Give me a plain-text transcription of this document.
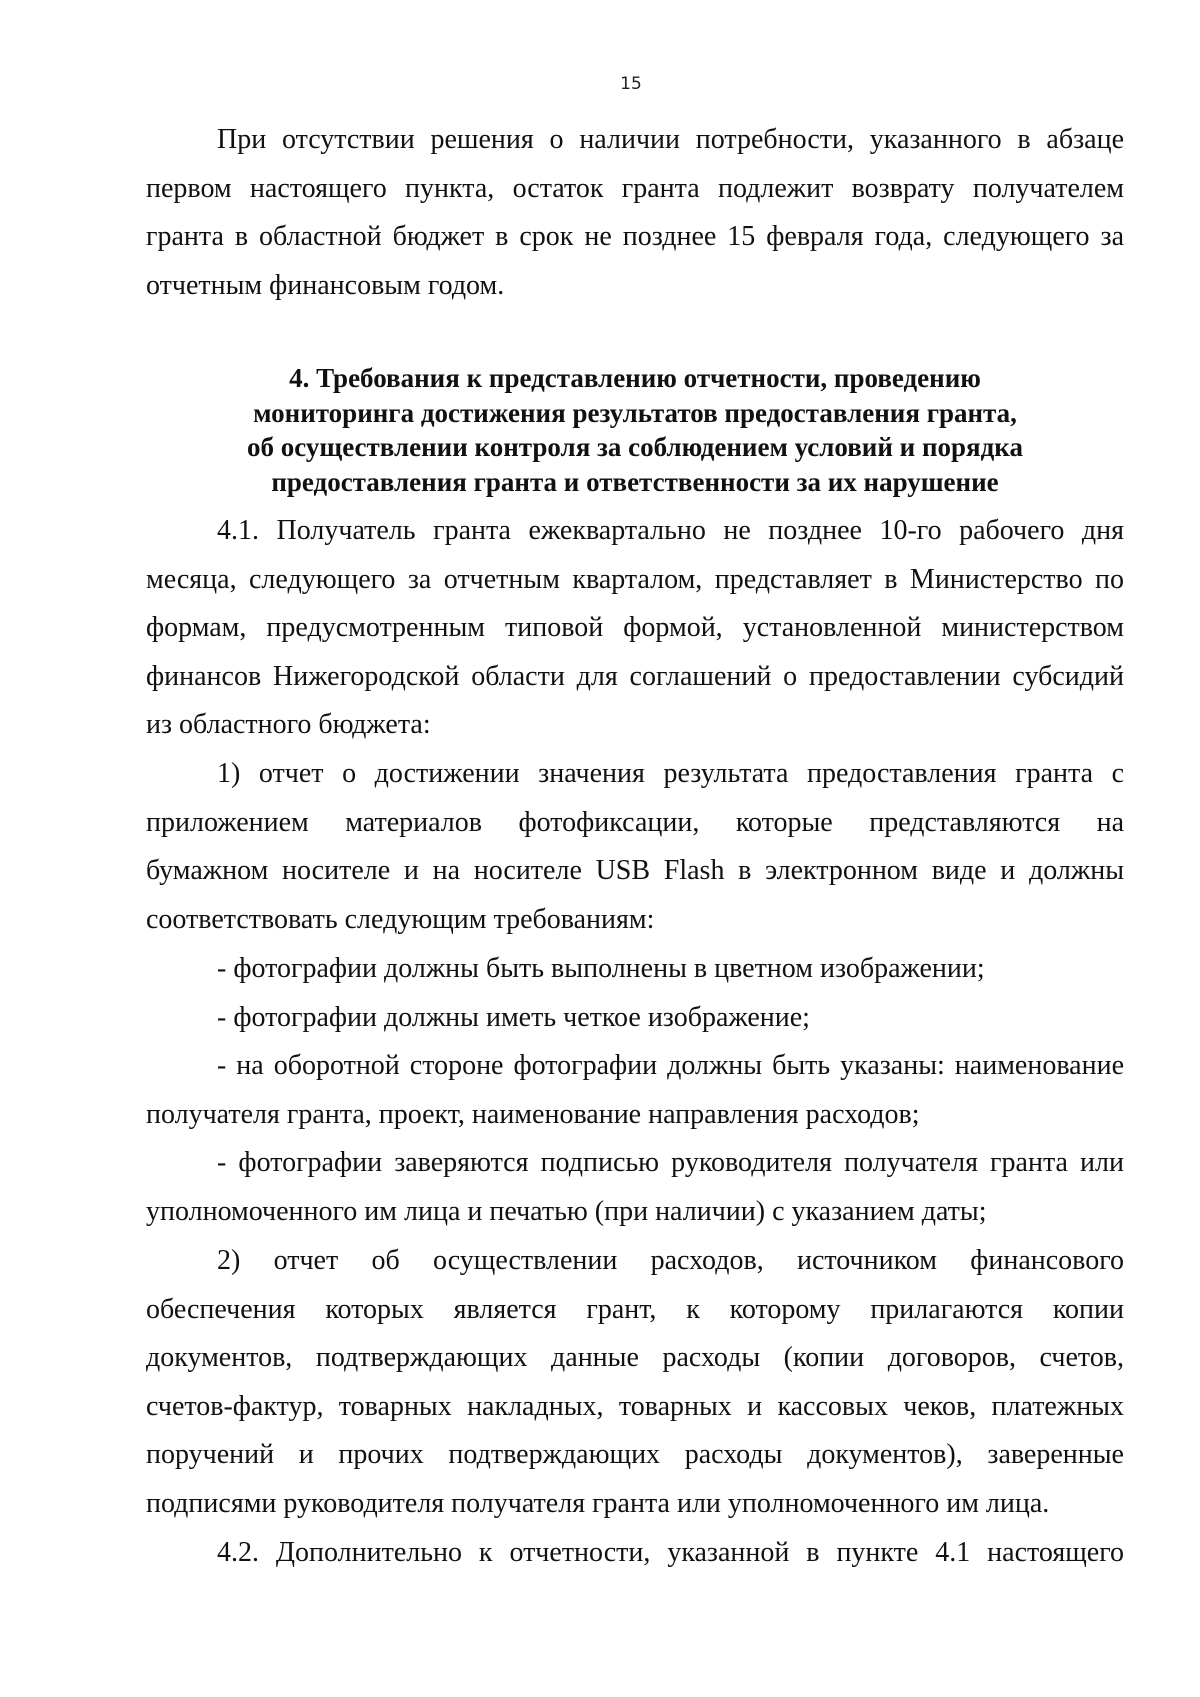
15
При отсутствии решения о наличии потребности, указанного в абзаце
первом настоящего пункта, остаток гранта подлежит возврату получателем
гранта в областной бюджет в срок не позднее 15 февраля года, следующего за
отчетным финансовым годом.
4. Требования к представлению отчетности, проведению
мониторинга достижения результатов предоставления гранта,
об осуществлении контроля за соблюдением условий и порядка
предоставления гранта и ответственности за их нарушение
4.1. Получатель гранта ежеквартально не позднее 10-го рабочего дня
месяца, следующего за отчетным кварталом, представляет в Министерство по
формам, предусмотренным типовой формой, установленной министерством
финансов Нижегородской области для соглашений о предоставлении субсидий
из областного бюджета:
1) отчет о достижении значения результата предоставления гранта с
приложением материалов фотофиксации, которые представляются на
бумажном носителе и на носителе USB Flash в электронном виде и должны
соответствовать следующим требованиям:
- фотографии должны быть выполнены в цветном изображении;
- фотографии должны иметь четкое изображение;
- на оборотной стороне фотографии должны быть указаны: наименование
получателя гранта, проект, наименование направления расходов;
- фотографии заверяются подписью руководителя получателя гранта или
уполномоченного им лица и печатью (при наличии) с указанием даты;
2) отчет об осуществлении расходов, источником финансового
обеспечения которых является грант, к которому прилагаются копии
документов, подтверждающих данные расходы (копии договоров, счетов,
счетов-фактур, товарных накладных, товарных и кассовых чеков, платежных
поручений и прочих подтверждающих расходы документов), заверенные
подписями руководителя получателя гранта или уполномоченного им лица.
4.2. Дополнительно к отчетности, указанной в пункте 4.1 настоящего
